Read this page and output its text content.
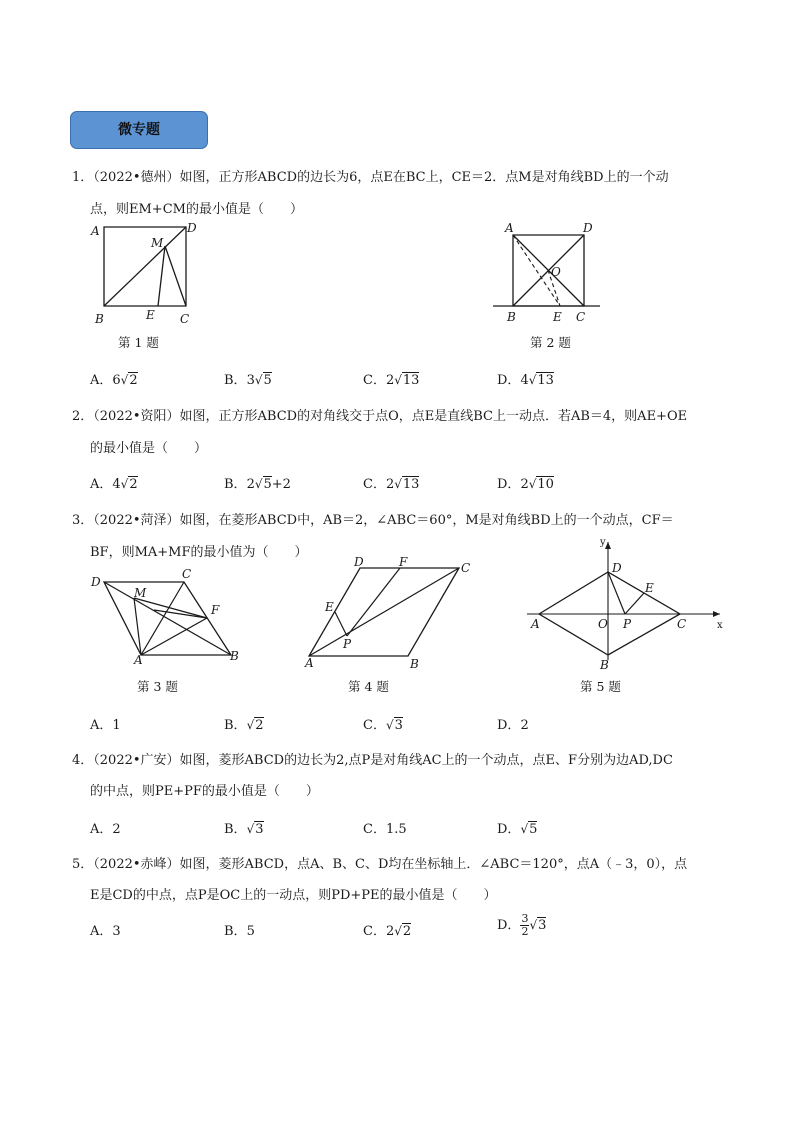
微专题
1．（2022•德州）如图，正方形ABCD的边长为6，点E在BC上，CE＝2．点M是对角线BD上的一个动
点，则EM+CM的最小值是（　　）
A	D
M
B	E C
第 1 题
A	D
O
B	E C
第 2 题
A．6√2	B．3√5	C．2√13	D．4√13
2．（2022•资阳）如图，正方形ABCD的对角线交于点O，点E是直线BC上一动点．若AB＝4，则AE+OE
的最小值是（　　）
A．4√2	B．2√5+2	C．2√13	D．2√10
3．（2022•菏泽）如图，在菱形ABCD中，AB＝2，∠ABC＝60°，M是对角线BD上的一个动点，CF＝
BF，则MA+MF的最小值为（　　）
D
C
M
F
A	B
第 3 题
D	F	C
E
P
A	B
第 4 题
y
D
E
A	O P	C	x
B
第 5 题
A．1	B．√2	C．√3	D．2
4．（2022•广安）如图，菱形ABCD的边长为2,点P是对角线AC上的一个动点，点E、F分别为边AD,DC
的中点，则PE+PF的最小值是（　　）
A．2	B．√3	C．1.5	D．√5
5．（2022•赤峰）如图，菱形ABCD，点A、B、C、D均在坐标轴上．∠ABC＝120°，点A（﹣3，0），点
E是CD的中点，点P是OC上的一动点，则PD+PE的最小值是（　　）
A．3	B．5	C．2√2	D． $\frac{3}{2} √3$
